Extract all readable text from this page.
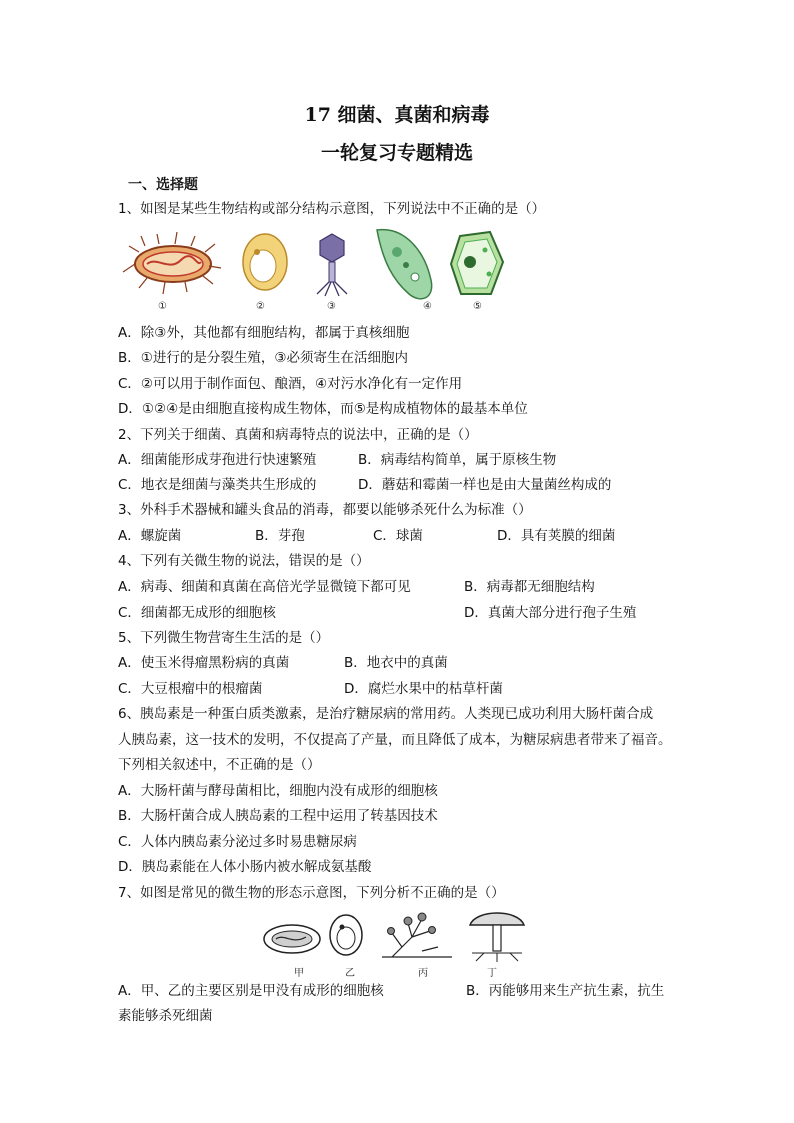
17 细菌、真菌和病毒
一轮复习专题精选
一、选择题
1、如图是某些生物结构或部分结构示意图，下列说法中不正确的是（）
①	②	③	④	⑤
A．除③外，其他都有细胞结构，都属于真核细胞
B．①进行的是分裂生殖，③必须寄生在活细胞内
C．②可以用于制作面包、酿酒，④对污水净化有一定作用
D．①②④是由细胞直接构成生物体，而⑤是构成植物体的最基本单位
2、下列关于细菌、真菌和病毒特点的说法中，正确的是（）
A．细菌能形成芽孢进行快速繁殖	B．病毒结构简单，属于原核生物
C．地衣是细菌与藻类共生形成的	D．蘑菇和霉菌一样也是由大量菌丝构成的
3、外科手术器械和罐头食品的消毒，都要以能够杀死什么为标准（）
A．螺旋菌	B．芽孢	C．球菌	D．具有荚膜的细菌
4、下列有关微生物的说法，错误的是（）
A．病毒、细菌和真菌在高倍光学显微镜下都可见	B．病毒都无细胞结构
C．细菌都无成形的细胞核	D．真菌大部分进行孢子生殖
5、下列微生物营寄生生活的是（）
A．使玉米得瘤黑粉病的真菌	B．地衣中的真菌
C．大豆根瘤中的根瘤菌	D．腐烂水果中的枯草杆菌
6、胰岛素是一种蛋白质类激素，是治疗糖尿病的常用药。人类现已成功利用大肠杆菌合成
人胰岛素，这一技术的发明，不仅提高了产量，而且降低了成本，为糖尿病患者带来了福音。
下列相关叙述中，不正确的是（）
A．大肠杆菌与酵母菌相比，细胞内没有成形的细胞核
B．大肠杆菌合成人胰岛素的工程中运用了转基因技术
C．人体内胰岛素分泌过多时易患糖尿病
D．胰岛素能在人体小肠内被水解成氨基酸
7、如图是常见的微生物的形态示意图，下列分析不正确的是（）
甲	乙	丙	丁
A．甲、乙的主要区别是甲没有成形的细胞核	B．丙能够用来生产抗生素，抗生
素能够杀死细菌
